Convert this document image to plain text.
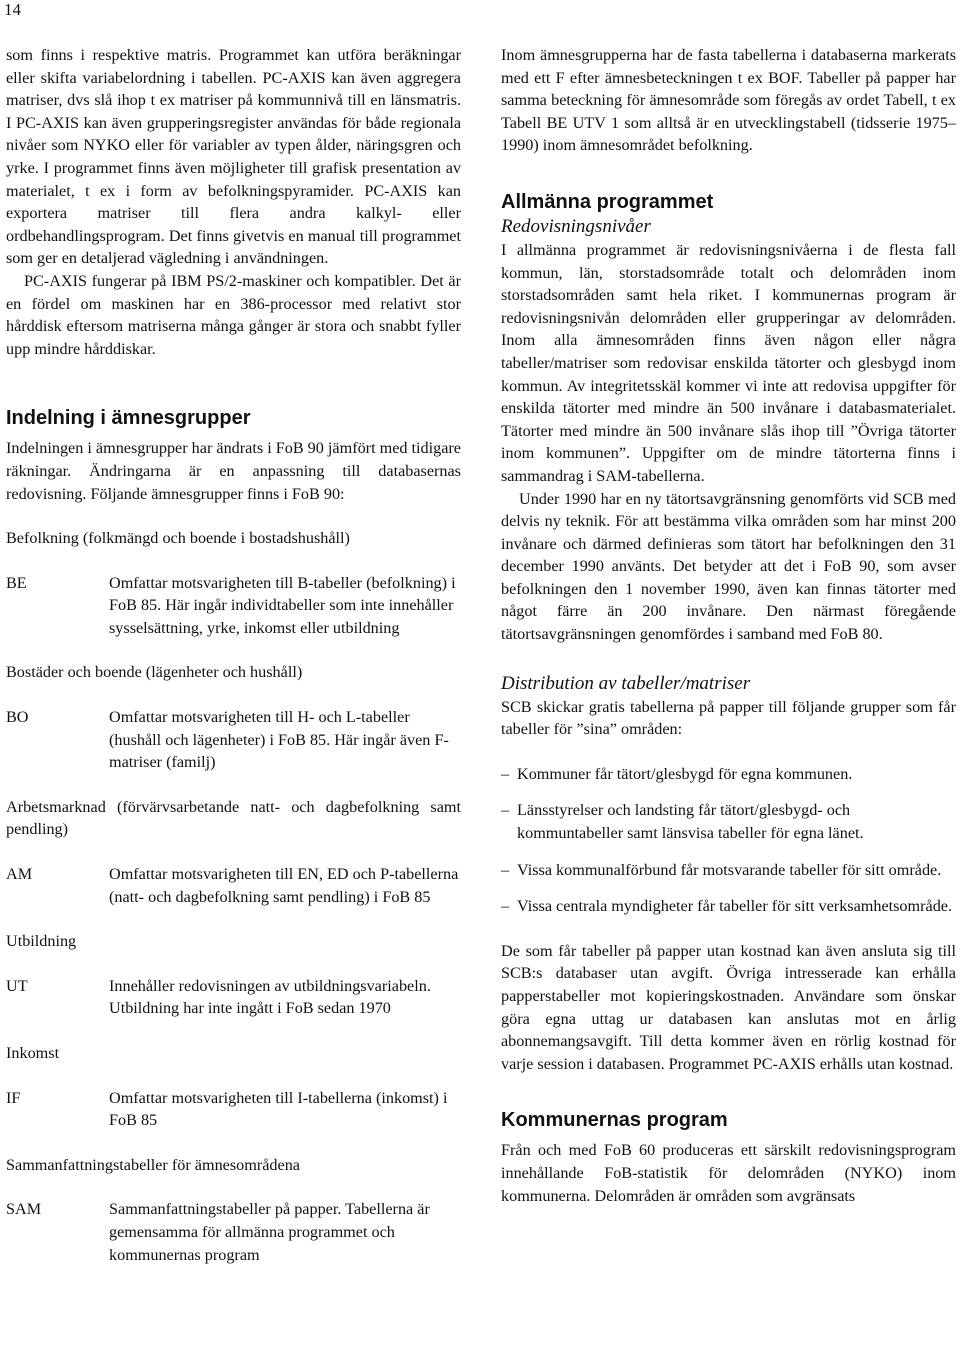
14

som finns i respektive matris. Programmet kan utföra beräkningar eller skifta variabelordning i tabellen. PC-AXIS kan även aggregera matriser, dvs slå ihop t ex matriser på kommunnivå till en länsmatris. I PC-AXIS kan även grupperingsregister användas för både regionala nivåer som NYKO eller för variabler av typen ålder, näringsgren och yrke. I programmet finns även möjligheter till grafisk presentation av materialet, t ex i form av befolkningspyramider. PC-AXIS kan exportera matriser till flera andra kalkyl- eller ordbehandlingsprogram. Det finns givetvis en manual till programmet som ger en detaljerad vägledning i användningen.

PC-AXIS fungerar på IBM PS/2-maskiner och kompatibler. Det är en fördel om maskinen har en 386-processor med relativt stor hårddisk eftersom matriserna många gånger är stora och snabbt fyller upp mindre hårddiskar.

Indelning i ämnesgrupper

Indelningen i ämnesgrupper har ändrats i FoB 90 jämfört med tidigare räkningar. Ändringarna är en anpassning till databasernas redovisning. Följande ämnesgrupper finns i FoB 90:

Befolkning (folkmängd och boende i bostadshushåll)

BE	Omfattar motsvarigheten till B-tabeller (befolkning) i FoB 85. Här ingår individtabeller som inte innehåller sysselsättning, yrke, inkomst eller utbildning

Bostäder och boende (lägenheter och hushåll)

BO	Omfattar motsvarigheten till H- och L-tabeller (hushåll och lägenheter) i FoB 85. Här ingår även F-matriser (familj)

Arbetsmarknad (förvärvsarbetande natt- och dagbefolkning samt pendling)

AM	Omfattar motsvarigheten till EN, ED och P-tabellerna (natt- och dagbefolkning samt pendling) i FoB 85

Utbildning

UT	Innehåller redovisningen av utbildningsvariabeln. Utbildning har inte ingått i FoB sedan 1970

Inkomst

IF	Omfattar motsvarigheten till I-tabellerna (inkomst) i FoB 85

Sammanfattningstabeller för ämnesområdena

SAM	Sammanfattningstabeller på papper. Tabellerna är gemensamma för allmänna programmet och kommunernas program

Inom ämnesgrupperna har de fasta tabellerna i databaserna markerats med ett F efter ämnesbeteckningen t ex BOF. Tabeller på papper har samma beteckning för ämnesområde som föregås av ordet Tabell, t ex Tabell BE UTV 1 som alltså är en utvecklingstabell (tidsserie 1975–1990) inom ämnesområdet befolkning.

Allmänna programmet
Redovisningsnivåer

I allmänna programmet är redovisningsnivåerna i de flesta fall kommun, län, storstadsområde totalt och delområden inom storstadsområden samt hela riket. I kommunernas program är redovisningsnivån delområden eller grupperingar av delområden. Inom alla ämnesområden finns även någon eller några tabeller/matriser som redovisar enskilda tätorter och glesbygd inom kommun. Av integritetsskäl kommer vi inte att redovisa uppgifter för enskilda tätorter med mindre än 500 invånare i databasmaterialet. Tätorter med mindre än 500 invånare slås ihop till ”Övriga tätorter inom kommunen”. Uppgifter om de mindre tätorterna finns i sammandrag i SAM-tabellerna.

Under 1990 har en ny tätortsavgränsning genomförts vid SCB med delvis ny teknik. För att bestämma vilka områden som har minst 200 invånare och därmed definieras som tätort har befolkningen den 31 december 1990 använts. Det betyder att det i FoB 90, som avser befolkningen den 1 november 1990, även kan finnas tätorter med något färre än 200 invånare. Den närmast föregående tätortsavgränsningen genomfördes i samband med FoB 80.

Distribution av tabeller/matriser

SCB skickar gratis tabellerna på papper till följande grupper som får tabeller för ”sina” områden:

– Kommuner får tätort/glesbygd för egna kommunen.
– Länsstyrelser och landsting får tätort/glesbygd- och kommuntabeller samt länsvisa tabeller för egna länet.
– Vissa kommunalförbund får motsvarande tabeller för sitt område.
– Vissa centrala myndigheter får tabeller för sitt verksamhetsområde.

De som får tabeller på papper utan kostnad kan även ansluta sig till SCB:s databaser utan avgift. Övriga intresserade kan erhålla papperstabeller mot kopieringskostnaden. Användare som önskar göra egna uttag ur databasen kan anslutas mot en årlig abonnemangsavgift. Till detta kommer även en rörlig kostnad för varje session i databasen. Programmet PC-AXIS erhålls utan kostnad.

Kommunernas program

Från och med FoB 60 produceras ett särskilt redovisningsprogram innehållande FoB-statistik för delområden (NYKO) inom kommunerna. Delområden är områden som avgränsats
